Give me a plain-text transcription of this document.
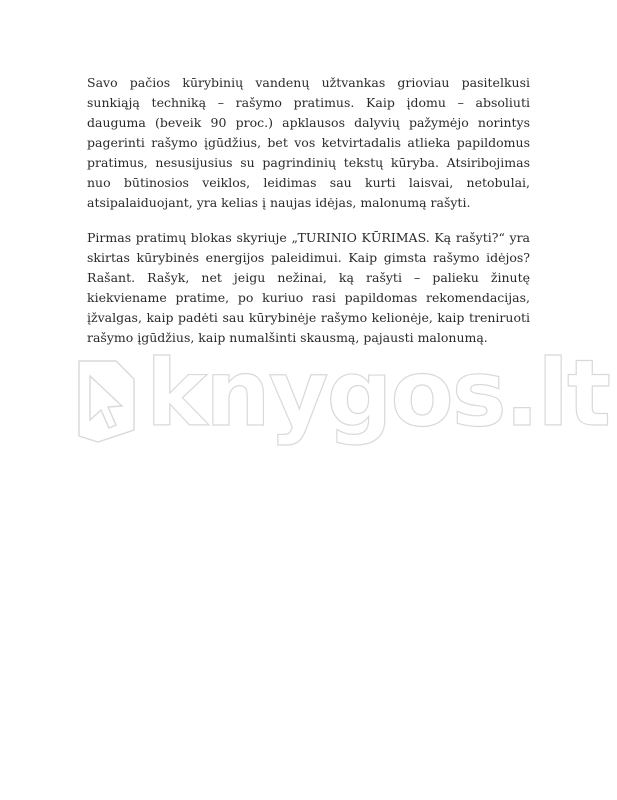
Savo pačios kūrybinių vandenų užtvankas grioviau pasitelkusi sunkiąją techniką – rašymo pratimus. Kaip įdomu – absoliuti dauguma (beveik 90 proc.) apklausos dalyvių pažymėjo norintys pagerinti rašymo įgūdžius, bet vos ketvirtadalis atlieka papildomus pratimus, nesusijusius su pagrindinių tekstų kūryba. Atsiribojimas nuo būtinosios veiklos, leidimas sau kurti laisvai, netobulai, atsipalaiduojant, yra kelias į naujas idėjas, malonumą rašyti.

Pirmas pratimų blokas skyriuje „TURINIO KŪRIMAS. Ką rašyti?“ yra skirtas kūrybinės energijos paleidimui. Kaip gimsta rašymo idėjos? Rašant. Rašyk, net jeigu nežinai, ką rašyti – palieku žinutę kiekviename pratime, po kuriuo rasi papildomas rekomendacijas, įžvalgas, kaip padėti sau kūrybinėje rašymo kelionėje, kaip treniruoti rašymo įgūdžius, kaip numalšinti skausmą, pajausti malonumą.

knygos.lt
